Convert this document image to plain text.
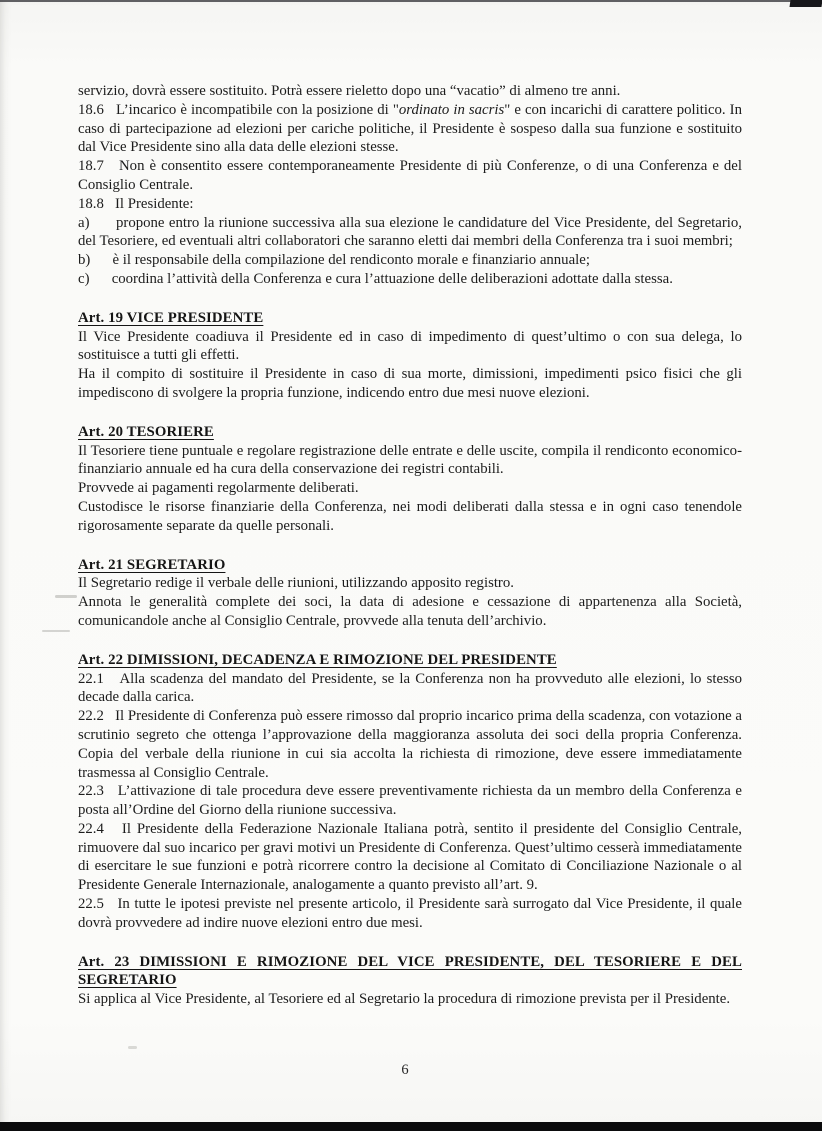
servizio, dovrà essere sostituito. Potrà essere rieletto dopo una “vacatio” di almeno tre anni.

18.6   L’incarico è incompatibile con la posizione di "ordinato in sacris" e con incarichi di carattere politico. In caso di partecipazione ad elezioni per cariche politiche, il Presidente è sospeso dalla sua funzione e sostituito dal Vice Presidente sino alla data delle elezioni stesse.

18.7   Non è consentito essere contemporaneamente Presidente di più Conferenze, o di una Conferenza e del Consiglio Centrale.

18.8   Il Presidente:

a)      propone entro la riunione successiva alla sua elezione le candidature del Vice Presidente, del Segretario, del Tesoriere, ed eventuali altri collaboratori che saranno eletti dai membri della Conferenza tra i suoi membri;

b)      è il responsabile della compilazione del rendiconto morale e finanziario annuale;

c)      coordina l’attività della Conferenza e cura l’attuazione delle deliberazioni adottate dalla stessa.

Art. 19 VICE PRESIDENTE

Il Vice Presidente coadiuva il Presidente ed in caso di impedimento di quest’ultimo o con sua delega, lo sostituisce a tutti gli effetti.

Ha il compito di sostituire il Presidente in caso di sua morte, dimissioni, impedimenti psico fisici che gli impediscono di svolgere la propria funzione, indicendo entro due mesi nuove elezioni.

Art. 20 TESORIERE

Il Tesoriere tiene puntuale e regolare registrazione delle entrate e delle uscite, compila il rendiconto economico-finanziario annuale ed ha cura della conservazione dei registri contabili.

Provvede ai pagamenti regolarmente deliberati.

Custodisce le risorse finanziarie della Conferenza, nei modi deliberati dalla stessa e in ogni caso tenendole rigorosamente separate da quelle personali.

Art. 21 SEGRETARIO

Il Segretario redige il verbale delle riunioni, utilizzando apposito registro.

Annota le generalità complete dei soci, la data di adesione e cessazione di appartenenza alla Società, comunicandole anche al Consiglio Centrale, provvede alla tenuta dell’archivio.

Art. 22 DIMISSIONI, DECADENZA E RIMOZIONE DEL PRESIDENTE

22.1   Alla scadenza del mandato del Presidente, se la Conferenza non ha provveduto alle elezioni, lo stesso decade dalla carica.

22.2   Il Presidente di Conferenza può essere rimosso dal proprio incarico prima della scadenza, con votazione a scrutinio segreto che ottenga l’approvazione della maggioranza assoluta dei soci della propria Conferenza. Copia del verbale della riunione in cui sia accolta la richiesta di rimozione, deve essere immediatamente trasmessa al Consiglio Centrale.

22.3   L’attivazione di tale procedura deve essere preventivamente richiesta da un membro della Conferenza e posta all’Ordine del Giorno della riunione successiva.

22.4   Il Presidente della Federazione Nazionale Italiana potrà, sentito il presidente del Consiglio Centrale, rimuovere dal suo incarico per gravi motivi un Presidente di Conferenza. Quest’ultimo cesserà immediatamente di esercitare le sue funzioni e potrà ricorrere contro la decisione al Comitato di Conciliazione Nazionale o al Presidente Generale Internazionale, analogamente a quanto previsto all’art. 9.

22.5   In tutte le ipotesi previste nel presente articolo, il Presidente sarà surrogato dal Vice Presidente, il quale dovrà provvedere ad indire nuove elezioni entro due mesi.

Art. 23 DIMISSIONI E RIMOZIONE DEL VICE PRESIDENTE, DEL TESORIERE E DEL
SEGRETARIO

Si applica al Vice Presidente, al Tesoriere ed al Segretario la procedura di rimozione prevista per il Presidente.

6
